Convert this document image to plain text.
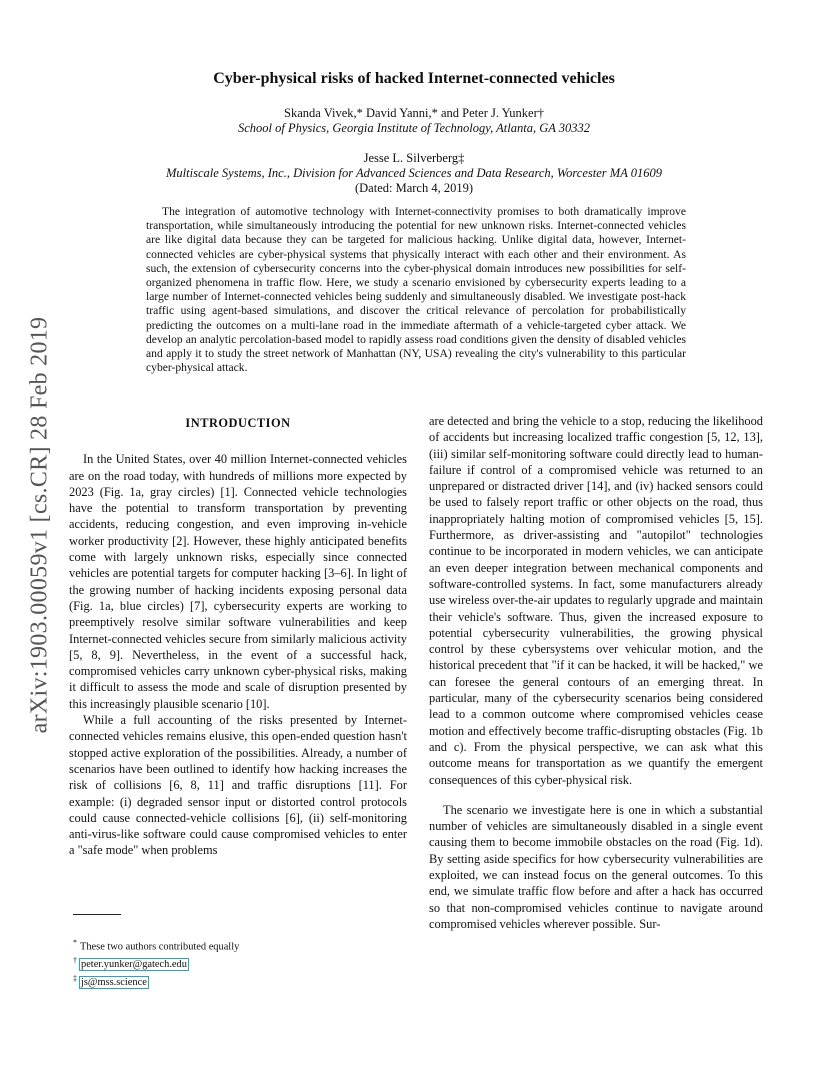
arXiv:1903.00059v1 [cs.CR] 28 Feb 2019
Cyber-physical risks of hacked Internet-connected vehicles
Skanda Vivek,* David Yanni,* and Peter J. Yunker†
School of Physics, Georgia Institute of Technology, Atlanta, GA 30332
Jesse L. Silverberg‡
Multiscale Systems, Inc., Division for Advanced Sciences and Data Research, Worcester MA 01609
(Dated: March 4, 2019)
The integration of automotive technology with Internet-connectivity promises to both dramatically improve transportation, while simultaneously introducing the potential for new unknown risks. Internet-connected vehicles are like digital data because they can be targeted for malicious hacking. Unlike digital data, however, Internet-connected vehicles are cyber-physical systems that physically interact with each other and their environment. As such, the extension of cybersecurity concerns into the cyber-physical domain introduces new possibilities for self-organized phenomena in traffic flow. Here, we study a scenario envisioned by cybersecurity experts leading to a large number of Internet-connected vehicles being suddenly and simultaneously disabled. We investigate post-hack traffic using agent-based simulations, and discover the critical relevance of percolation for probabilistically predicting the outcomes on a multi-lane road in the immediate aftermath of a vehicle-targeted cyber attack. We develop an analytic percolation-based model to rapidly assess road conditions given the density of disabled vehicles and apply it to study the street network of Manhattan (NY, USA) revealing the city's vulnerability to this particular cyber-physical attack.
INTRODUCTION

In the United States, over 40 million Internet-connected vehicles are on the road today, with hundreds of millions more expected by 2023 (Fig. 1a, gray circles) [1]. Connected vehicle technologies have the potential to transform transportation by preventing accidents, reducing congestion, and even improving in-vehicle worker productivity [2]. However, these highly anticipated benefits come with largely unknown risks, especially since connected vehicles are potential targets for computer hacking [3–6]. In light of the growing number of hacking incidents exposing personal data (Fig. 1a, blue circles) [7], cybersecurity experts are working to preemptively resolve similar software vulnerabilities and keep Internet-connected vehicles secure from similarly malicious activity [5, 8, 9]. Nevertheless, in the event of a successful hack, compromised vehicles carry unknown cyber-physical risks, making it difficult to assess the mode and scale of disruption presented by this increasingly plausible scenario [10].

While a full accounting of the risks presented by Internet-connected vehicles remains elusive, this open-ended question hasn't stopped active exploration of the possibilities. Already, a number of scenarios have been outlined to identify how hacking increases the risk of collisions [6, 8, 11] and traffic disruptions [11]. For example: (i) degraded sensor input or distorted control protocols could cause connected-vehicle collisions [6], (ii) self-monitoring anti-virus-like software could cause compromised vehicles to enter a "safe mode" when problems

are detected and bring the vehicle to a stop, reducing the likelihood of accidents but increasing localized traffic congestion [5, 12, 13], (iii) similar self-monitoring software could directly lead to human-failure if control of a compromised vehicle was returned to an unprepared or distracted driver [14], and (iv) hacked sensors could be used to falsely report traffic or other objects on the road, thus inappropriately halting motion of compromised vehicles [5, 15]. Furthermore, as driver-assisting and "autopilot" technologies continue to be incorporated in modern vehicles, we can anticipate an even deeper integration between mechanical components and software-controlled systems. In fact, some manufacturers already use wireless over-the-air updates to regularly upgrade and maintain their vehicle's software. Thus, given the increased exposure to potential cybersecurity vulnerabilities, the growing physical control by these cybersystems over vehicular motion, and the historical precedent that "if it can be hacked, it will be hacked," we can foresee the general contours of an emerging threat. In particular, many of the cybersecurity scenarios being considered lead to a common outcome where compromised vehicles cease motion and effectively become traffic-disrupting obstacles (Fig. 1b and c). From the physical perspective, we can ask what this outcome means for transportation as we quantify the emergent consequences of this cyber-physical risk.

The scenario we investigate here is one in which a substantial number of vehicles are simultaneously disabled in a single event causing them to become immobile obstacles on the road (Fig. 1d). By setting aside specifics for how cybersecurity vulnerabilities are exploited, we can instead focus on the general outcomes. To this end, we simulate traffic flow before and after a hack has occurred so that non-compromised vehicles continue to navigate around compromised vehicles wherever possible. Sur-

* These two authors contributed equally
† peter.yunker@gatech.edu
‡ js@mss.science
